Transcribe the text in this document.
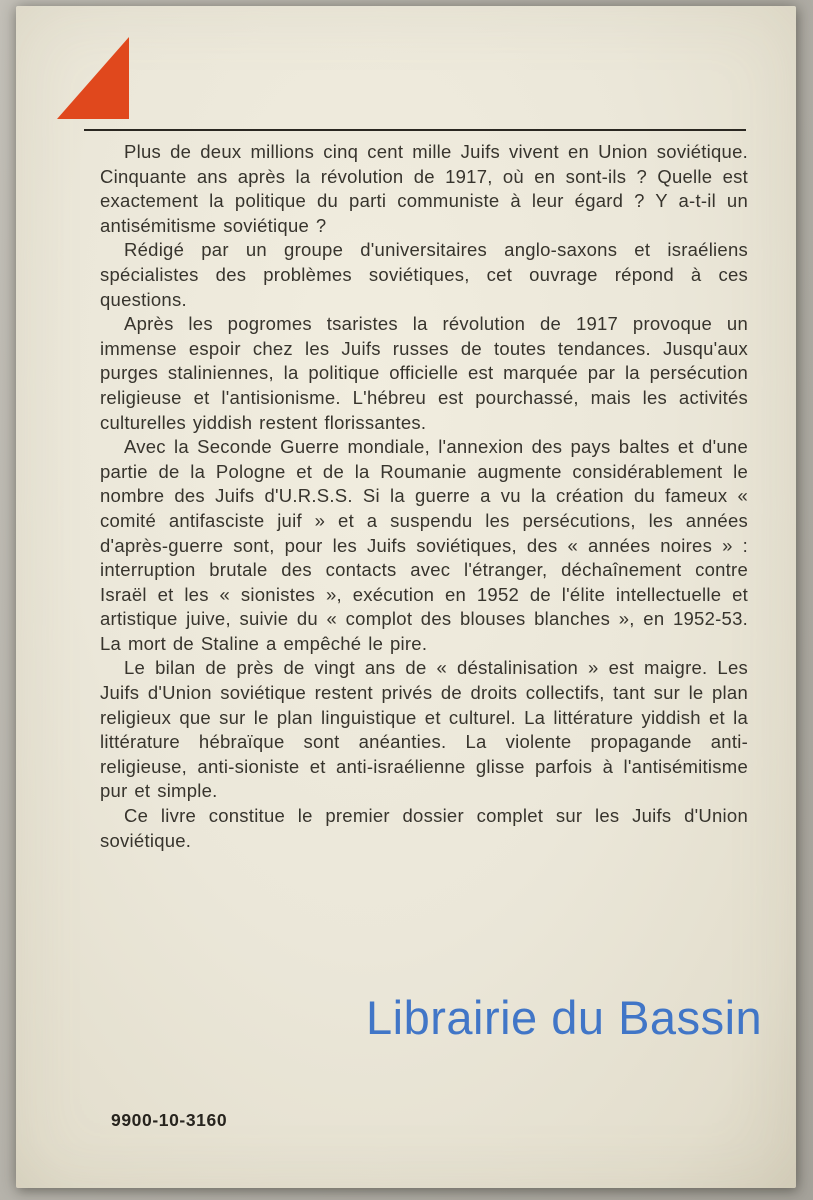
Plus de deux millions cinq cent mille Juifs vivent en Union soviétique. Cinquante ans après la révolution de 1917, où en sont-ils ? Quelle est exactement la politique du parti communiste à leur égard ? Y a-t-il un antisémitisme soviétique ?

Rédigé par un groupe d'universitaires anglo-saxons et israéliens spécialistes des problèmes soviétiques, cet ouvrage répond à ces questions.

Après les pogromes tsaristes la révolution de 1917 provoque un immense espoir chez les Juifs russes de toutes tendances. Jusqu'aux purges staliniennes, la politique officielle est marquée par la persécution religieuse et l'antisionisme. L'hébreu est pourchassé, mais les activités culturelles yiddish restent florissantes.

Avec la Seconde Guerre mondiale, l'annexion des pays baltes et d'une partie de la Pologne et de la Roumanie augmente considérablement le nombre des Juifs d'U.R.S.S. Si la guerre a vu la création du fameux « comité antifasciste juif » et a suspendu les persécutions, les années d'après-guerre sont, pour les Juifs soviétiques, des « années noires » : interruption brutale des contacts avec l'étranger, déchaînement contre Israël et les « sionistes », exécution en 1952 de l'élite intellectuelle et artistique juive, suivie du « complot des blouses blanches », en 1952-53. La mort de Staline a empêché le pire.

Le bilan de près de vingt ans de « déstalinisation » est maigre. Les Juifs d'Union soviétique restent privés de droits collectifs, tant sur le plan religieux que sur le plan linguistique et culturel. La littérature yiddish et la littérature hébraïque sont anéanties. La violente propagande anti-religieuse, anti-sioniste et anti-israélienne glisse parfois à l'antisémitisme pur et simple.

Ce livre constitue le premier dossier complet sur les Juifs d'Union soviétique.

9900-10-3160
Librairie du Bassin
